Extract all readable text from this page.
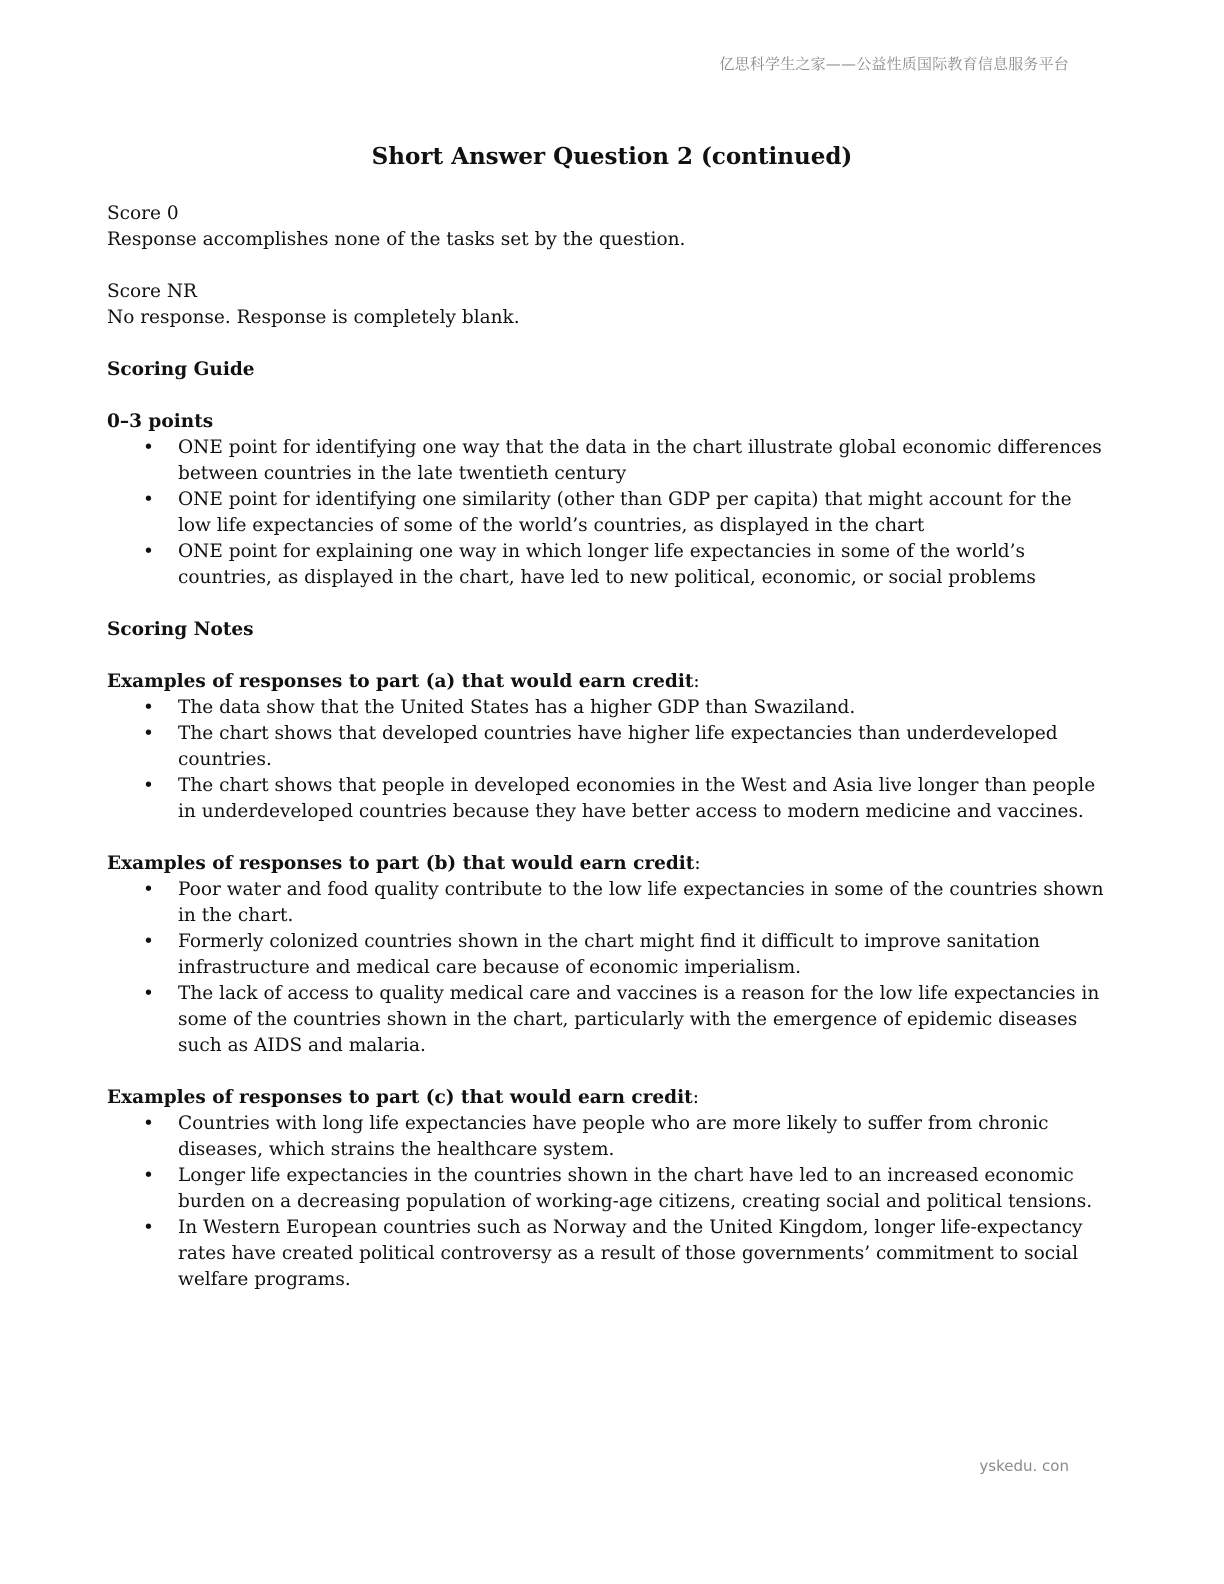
亿思科学生之家——公益性质国际教育信息服务平台
Short Answer Question 2 (continued)
Score 0
Response accomplishes none of the tasks set by the question.
Score NR
No response. Response is completely blank.
Scoring Guide
0–3 points
• ONE point for identifying one way that the data in the chart illustrate global economic differences between countries in the late twentieth century
• ONE point for identifying one similarity (other than GDP per capita) that might account for the low life expectancies of some of the world’s countries, as displayed in the chart
• ONE point for explaining one way in which longer life expectancies in some of the world’s countries, as displayed in the chart, have led to new political, economic, or social problems
Scoring Notes
Examples of responses to part (a) that would earn credit:
• The data show that the United States has a higher GDP than Swaziland.
• The chart shows that developed countries have higher life expectancies than underdeveloped countries.
• The chart shows that people in developed economies in the West and Asia live longer than people in underdeveloped countries because they have better access to modern medicine and vaccines.
Examples of responses to part (b) that would earn credit:
• Poor water and food quality contribute to the low life expectancies in some of the countries shown in the chart.
• Formerly colonized countries shown in the chart might find it difficult to improve sanitation infrastructure and medical care because of economic imperialism.
• The lack of access to quality medical care and vaccines is a reason for the low life expectancies in some of the countries shown in the chart, particularly with the emergence of epidemic diseases such as AIDS and malaria.
Examples of responses to part (c) that would earn credit:
• Countries with long life expectancies have people who are more likely to suffer from chronic diseases, which strains the healthcare system.
• Longer life expectancies in the countries shown in the chart have led to an increased economic burden on a decreasing population of working-age citizens, creating social and political tensions.
• In Western European countries such as Norway and the United Kingdom, longer life-expectancy rates have created political controversy as a result of those governments’ commitment to social welfare programs.
yskedu. con
